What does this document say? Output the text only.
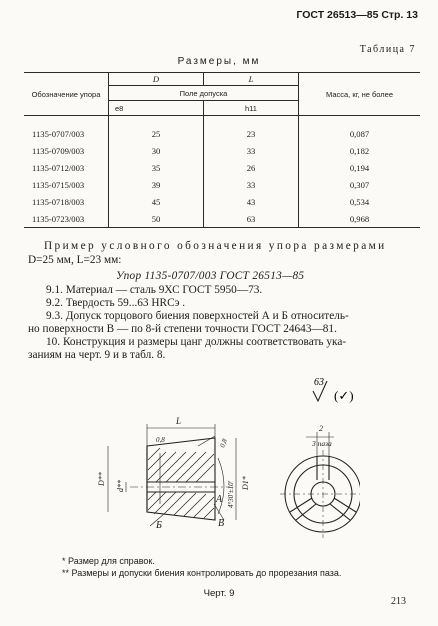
ГОСТ 26513—85 Стр. 13
Таблица 7
Размеры, мм
Обозначение упора	D	L	Масса, кг, не более
	Поле допуска		
	e8	h11	
1135-0707/003	25	23	0,087
1135-0709/003	30	33	0,182
1135-0712/003	35	26	0,194
1135-0715/003	39	33	0,307
1135-0718/003	45	43	0,534
1135-0723/003	50	63	0,968
Пример условного обозначения упора размерами
D=25 мм, L=23 мм:
Упор 1135-0707/003 ГОСТ 26513—85
9.1. Материал — сталь 9ХС ГОСТ 5950—73.
9.2. Твердость 59...63 HRCэ .
9.3. Допуск торцового биения поверхностей А и Б относитель-
но поверхности В — по 8-й степени точности ГОСТ 24643—81.
10. Конструкция и размеры цанг должны соответствовать ука-
заниям на черт. 9 и в табл. 8.
63
(✓)
L
0,8	0,8
D** d**	4°30'±10' D1*
А
Б	В
2
3 паза
* Размер для справок.
** Размеры и допуски биения контролировать до прорезания паза.
Черт. 9
213
